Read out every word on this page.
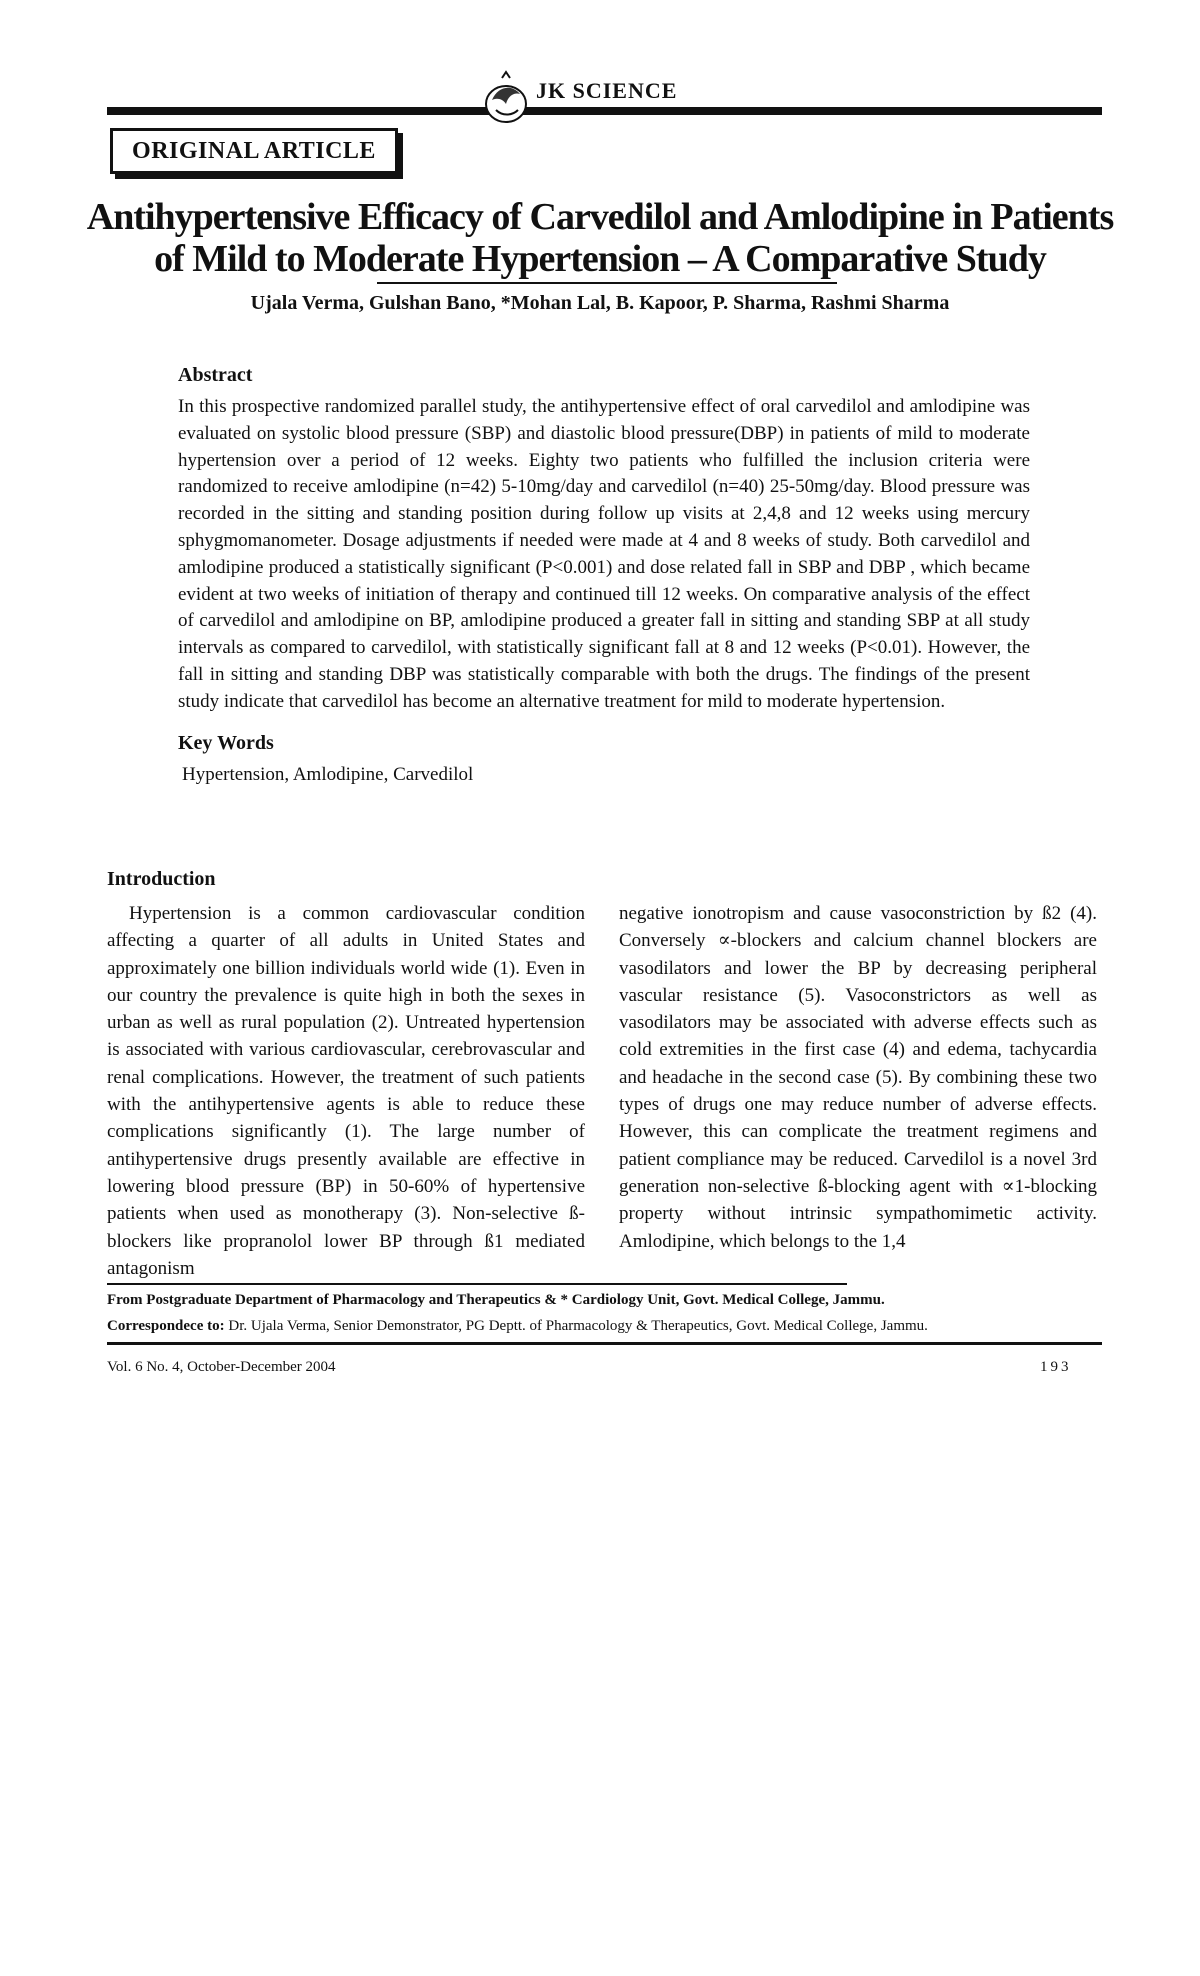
JK SCIENCE
ORIGINAL ARTICLE
Antihypertensive Efficacy of Carvedilol and Amlodipine in Patients of Mild to Moderate Hypertension – A Comparative Study
Ujala Verma, Gulshan Bano, *Mohan Lal, B. Kapoor, P. Sharma, Rashmi Sharma
Abstract
In this prospective randomized parallel study, the antihypertensive effect of oral carvedilol and amlodipine was evaluated on systolic blood pressure (SBP) and diastolic blood pressure(DBP) in patients of mild to moderate hypertension over a period of 12 weeks. Eighty two patients who fulfilled the inclusion criteria were randomized to receive amlodipine (n=42) 5-10mg/day and carvedilol (n=40) 25-50mg/day. Blood pressure was recorded in the sitting and standing position during follow up visits at 2,4,8 and 12 weeks using mercury sphygmomanometer. Dosage adjustments if needed were made at 4 and 8 weeks of study. Both carvedilol and amlodipine produced a statistically significant (P<0.001) and dose related fall in SBP and DBP , which became evident at two weeks of initiation of therapy and continued till 12 weeks. On comparative analysis of the effect of carvedilol and amlodipine on BP, amlodipine produced a greater fall in sitting and standing SBP at all study intervals as compared to carvedilol, with statistically significant fall at 8 and 12 weeks (P<0.01). However, the fall in sitting and standing DBP was statistically comparable with both the drugs. The findings of the present study indicate that carvedilol has become an alternative treatment for mild to moderate hypertension.
Key Words
Hypertension, Amlodipine, Carvedilol
Introduction

Hypertension is a common cardiovascular condition affecting a quarter of all adults in United States and approximately one billion individuals world wide (1). Even in our country the prevalence is quite high in both the sexes in urban as well as rural population (2). Untreated hypertension is associated with various cardiovascular, cerebrovascular and renal complications. However, the treatment of such patients with the antihypertensive agents is able to reduce these complications significantly (1). The large number of antihypertensive drugs presently available are effective in lowering blood pressure (BP) in 50-60% of hypertensive patients when used as monotherapy (3). Non-selective ß-blockers like propranolol lower BP through ß1 mediated antagonism

negative ionotropism and cause vasoconstriction by ß2 (4). Conversely ∝-blockers and calcium channel blockers are vasodilators and lower the BP by decreasing peripheral vascular resistance (5). Vasoconstrictors as well as vasodilators may be associated with adverse effects such as cold extremities in the first case (4) and edema, tachycardia and headache in the second case (5). By combining these two types of drugs one may reduce number of adverse effects. However, this can complicate the treatment regimens and patient compliance may be reduced. Carvedilol is a novel 3rd generation non-selective ß-blocking agent with ∝1-blocking property without intrinsic sympathomimetic activity. Amlodipine, which belongs to the 1,4

From Postgraduate Department of Pharmacology and Therapeutics & * Cardiology Unit, Govt. Medical College, Jammu.
Correspondece to: Dr. Ujala Verma, Senior Demonstrator, PG Deptt. of Pharmacology & Therapeutics, Govt. Medical College, Jammu.
Vol. 6 No. 4, October-December 2004	193
